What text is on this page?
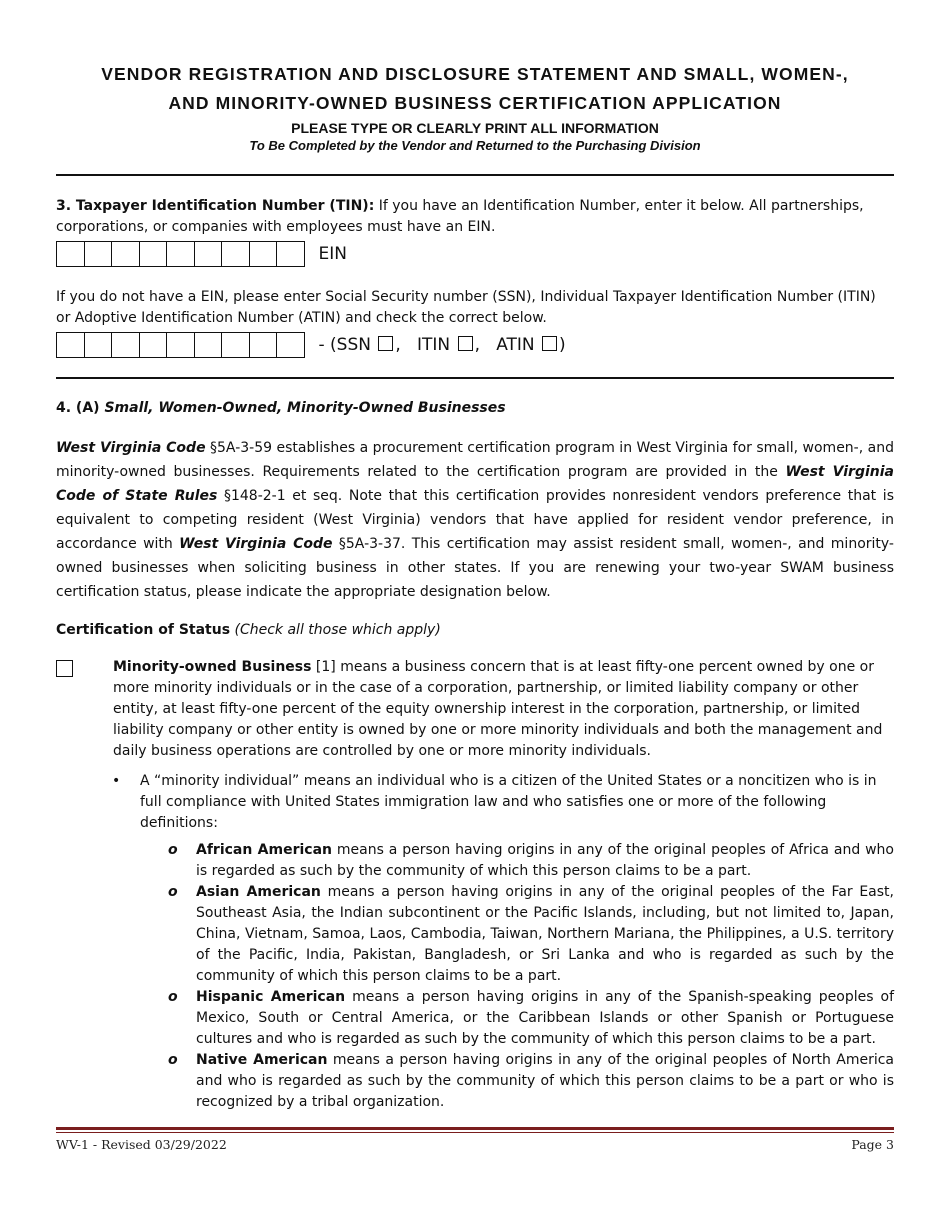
VENDOR REGISTRATION AND DISCLOSURE STATEMENT AND SMALL, WOMEN-,
AND MINORITY-OWNED BUSINESS CERTIFICATION APPLICATION
PLEASE TYPE OR CLEARLY PRINT ALL INFORMATION
To Be Completed by the Vendor and Returned to the Purchasing Division
3. Taxpayer Identification Number (TIN): If you have an Identification Number, enter it below. All partnerships, corporations, or companies with employees must have an EIN.
EIN
If you do not have a EIN, please enter Social Security number (SSN), Individual Taxpayer Identification Number (ITIN) or Adoptive Identification Number (ATIN) and check the correct below.
- (SSN ,   ITIN ,   ATIN )
4. (A) Small, Women-Owned, Minority-Owned Businesses
West Virginia Code §5A-3-59 establishes a procurement certification program in West Virginia for small, women-, and minority-owned businesses. Requirements related to the certification program are provided in the West Virginia Code of State Rules §148-2-1 et seq. Note that this certification provides nonresident vendors preference that is equivalent to competing resident (West Virginia) vendors that have applied for resident vendor preference, in accordance with West Virginia Code §5A-3-37. This certification may assist resident small, women-, and minority-owned businesses when soliciting business in other states. If you are renewing your two-year SWAM business certification status, please indicate the appropriate designation below.
Certification of Status (Check all those which apply)
Minority-owned Business [1] means a business concern that is at least fifty-one percent owned by one or more minority individuals or in the case of a corporation, partnership, or limited liability company or other entity, at least fifty-one percent of the equity ownership interest in the corporation, partnership, or limited liability company or other entity is owned by one or more minority individuals and both the management and daily business operations are controlled by one or more minority individuals.
•	A “minority individual” means an individual who is a citizen of the United States or a noncitizen who is in full compliance with United States immigration law and who satisfies one or more of the following definitions:
o	African American means a person having origins in any of the original peoples of Africa and who is regarded as such by the community of which this person claims to be a part.
o	Asian American means a person having origins in any of the original peoples of the Far East, Southeast Asia, the Indian subcontinent or the Pacific Islands, including, but not limited to, Japan, China, Vietnam, Samoa, Laos, Cambodia, Taiwan, Northern Mariana, the Philippines, a U.S. territory of the Pacific, India, Pakistan, Bangladesh, or Sri Lanka and who is regarded as such by the community of which this person claims to be a part.
o	Hispanic American means a person having origins in any of the Spanish-speaking peoples of Mexico, South or Central America, or the Caribbean Islands or other Spanish or Portuguese cultures and who is regarded as such by the community of which this person claims to be a part.
o	Native American means a person having origins in any of the original peoples of North America and who is regarded as such by the community of which this person claims to be a part or who is recognized by a tribal organization.
WV-1 - Revised 03/29/2022	Page 3
